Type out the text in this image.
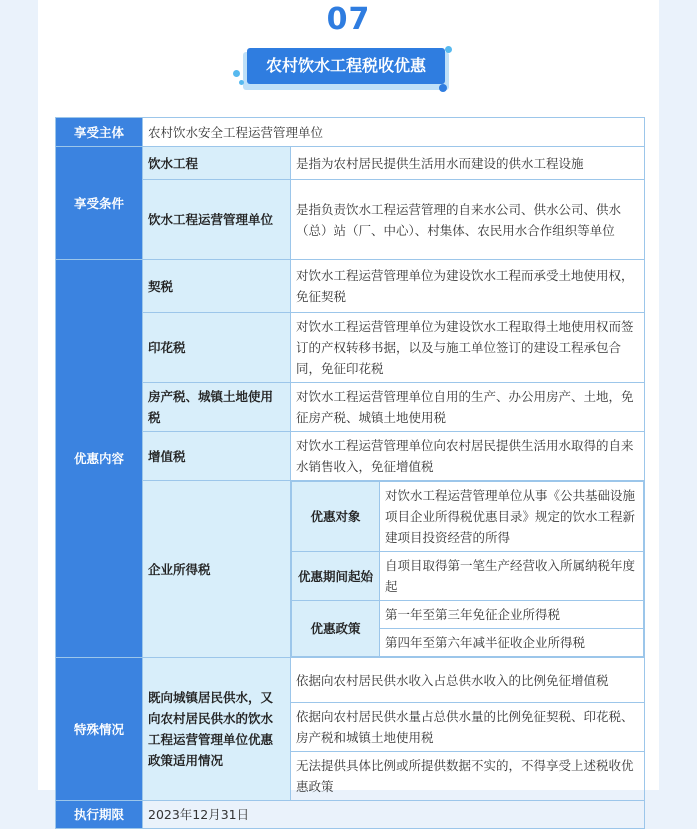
07
农村饮水工程税收优惠
享受主体	农村饮水安全工程运营管理单位
享受条件	饮水工程	是指为农村居民提供生活用水而建设的供水工程设施
饮水工程运营管理单位	是指负责饮水工程运营管理的自来水公司、供水公司、供水（总）站（厂、中心）、村集体、农民用水合作组织等单位
优惠内容	契税	对饮水工程运营管理单位为建设饮水工程而承受土地使用权，免征契税
印花税	对饮水工程运营管理单位为建设饮水工程取得土地使用权而签订的产权转移书据，以及与施工单位签订的建设工程承包合同，免征印花税
房产税、城镇土地使用税	对饮水工程运营管理单位自用的生产、办公用房产、土地，免征房产税、城镇土地使用税
增值税	对饮水工程运营管理单位向农村居民提供生活用水取得的自来水销售收入，免征增值税
企业所得税	
优惠对象	对饮水工程运营管理单位从事《公共基础设施项目企业所得税优惠目录》规定的饮水工程新建项目投资经营的所得
优惠期间起始	自项目取得第一笔生产经营收入所属纳税年度起
优惠政策	第一年至第三年免征企业所得税
第四年至第六年减半征收企业所得税

特殊情况	既向城镇居民供水，又向农村居民供水的饮水工程运营管理单位优惠政策适用情况	依据向农村居民供水收入占总供水收入的比例免征增值税
依据向农村居民供水量占总供水量的比例免征契税、印花税、房产税和城镇土地使用税
无法提供具体比例或所提供数据不实的，不得享受上述税收优惠政策
执行期限	2023年12月31日
